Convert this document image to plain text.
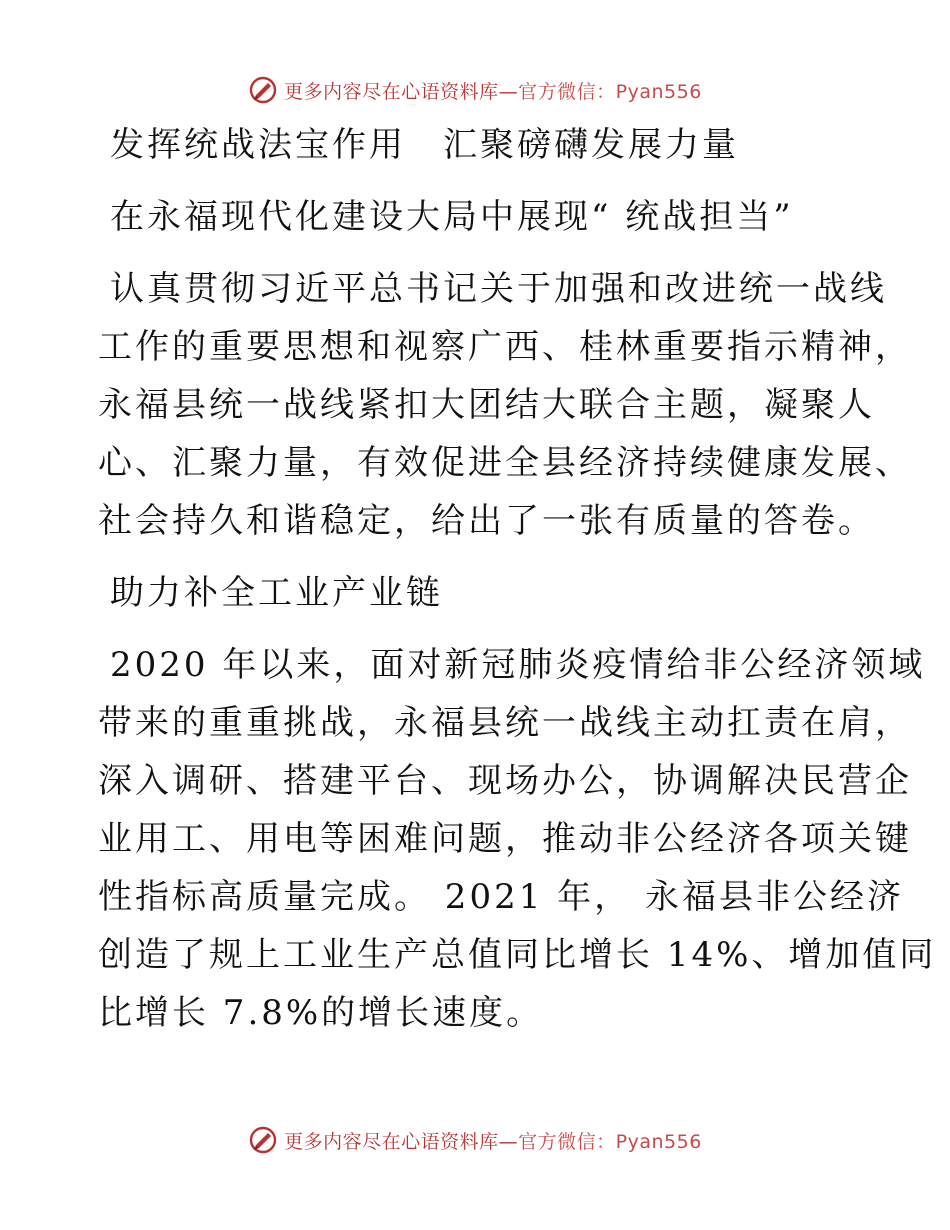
更多内容尽在心语资料库—官方微信：Pyan556
发挥统战法宝作用　汇聚磅礴发展力量
在永福现代化建设大局中展现“ 统战担当”
认真贯彻习近平总书记关于加强和改进统一战线
工作的重要思想和视察广西、桂林重要指示精神，
永福县统一战线紧扣大团结大联合主题，凝聚人
心、汇聚力量，有效促进全县经济持续健康发展、
社会持久和谐稳定，给出了一张有质量的答卷。
助力补全工业产业链
2020 年以来，面对新冠肺炎疫情给非公经济领域
带来的重重挑战，永福县统一战线主动扛责在肩，
深入调研、搭建平台、现场办公，协调解决民营企
业用工、用电等困难问题，推动非公经济各项关键
性指标高质量完成。 2021 年， 永福县非公经济
创造了规上工业生产总值同比增长 14%、增加值同
比增长 7.8%的增长速度。
更多内容尽在心语资料库—官方微信：Pyan556
